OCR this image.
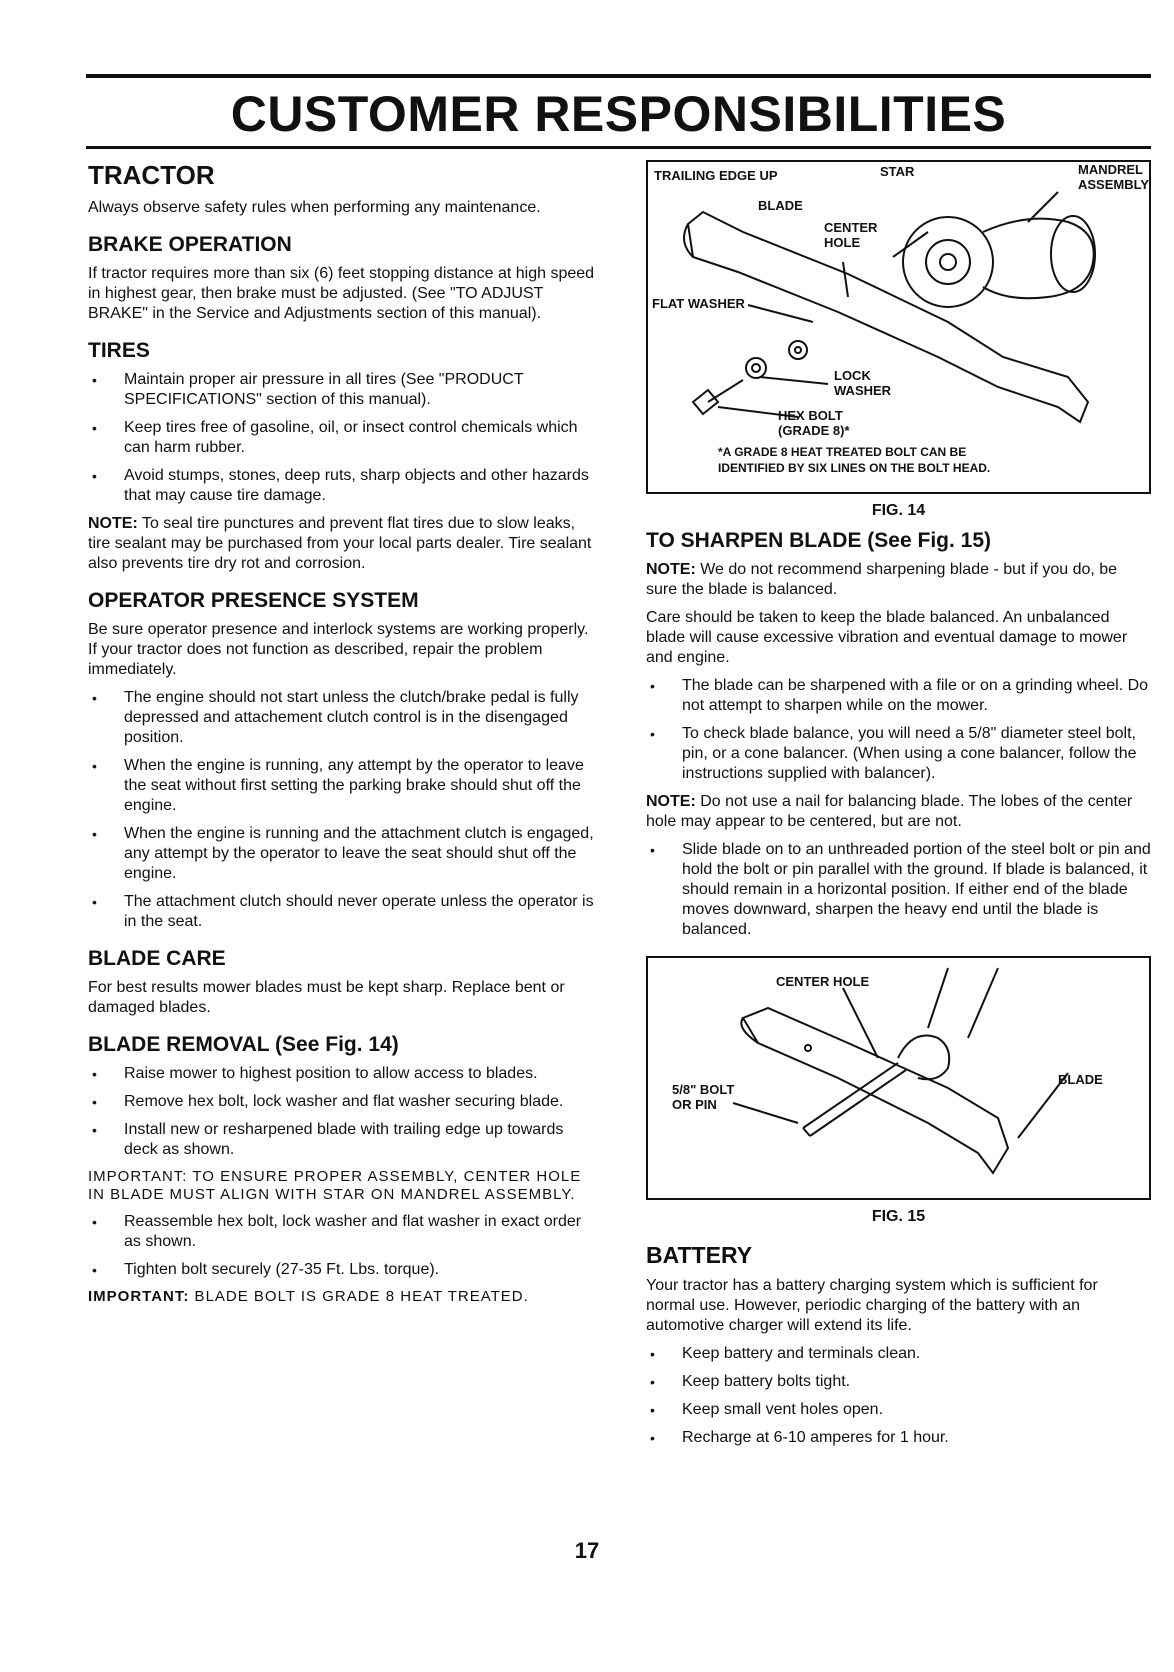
CUSTOMER RESPONSIBILITIES
TRACTOR

Always observe safety rules when performing any maintenance.

BRAKE OPERATION

If tractor requires more than six (6) feet stopping distance at high speed in highest gear, then brake must be adjusted. (See "TO ADJUST BRAKE" in the Service and Adjustments section of this manual).

TIRES
• Maintain proper air pressure in all tires (See "PRODUCT SPECIFICATIONS" section of this manual).
• Keep tires free of gasoline, oil, or insect control chemicals which can harm rubber.
• Avoid stumps, stones, deep ruts, sharp objects and other hazards that may cause tire damage.

NOTE: To seal tire punctures and prevent flat tires due to slow leaks, tire sealant may be purchased from your local parts dealer. Tire sealant also prevents tire dry rot and corrosion.

OPERATOR PRESENCE SYSTEM

Be sure operator presence and interlock systems are working properly. If your tractor does not function as described, repair the problem immediately.

• The engine should not start unless the clutch/brake pedal is fully depressed and attachement clutch control is in the disengaged position.
• When the engine is running, any attempt by the operator to leave the seat without first setting the parking brake should shut off the engine.
• When the engine is running and the attachment clutch is engaged, any attempt by the operator to leave the seat should shut off the engine.
• The attachment clutch should never operate unless the operator is in the seat.
BLADE CARE

For best results mower blades must be kept sharp. Replace bent or damaged blades.

BLADE REMOVAL (See Fig. 14)
• Raise mower to highest position to allow access to blades.
• Remove hex bolt, lock washer and flat washer securing blade.
• Install new or resharpened blade with trailing edge up towards deck as shown.

IMPORTANT: TO ENSURE PROPER ASSEMBLY, CENTER HOLE IN BLADE MUST ALIGN WITH STAR ON MANDREL ASSEMBLY.

• Reassemble hex bolt, lock washer and flat washer in exact order as shown.
• Tighten bolt securely (27-35 Ft. Lbs. torque).

IMPORTANT: BLADE BOLT IS GRADE 8 HEAT TREATED.

TRAILING EDGE UP	STAR	MANDREL ASSEMBLY
BLADE
CENTER HOLE
FLAT WASHER
LOCK WASHER
HEX BOLT (GRADE 8)*
*A GRADE 8 HEAT TREATED BOLT CAN BE
IDENTIFIED BY SIX LINES ON THE BOLT HEAD.
FIG. 14
TO SHARPEN BLADE (See Fig. 15)

NOTE: We do not recommend sharpening blade - but if you do, be sure the blade is balanced.

Care should be taken to keep the blade balanced. An unbalanced blade will cause excessive vibration and eventual damage to mower and engine.

• The blade can be sharpened with a file or on a grinding wheel. Do not attempt to sharpen while on the mower.
• To check blade balance, you will need a 5/8" diameter steel bolt, pin, or a cone balancer. (When using a cone balancer, follow the instructions supplied with balancer).

NOTE: Do not use a nail for balancing blade. The lobes of the center hole may appear to be centered, but are not.

• Slide blade on to an unthreaded portion of the steel bolt or pin and hold the bolt or pin parallel with the ground. If blade is balanced, it should remain in a horizontal position. If either end of the blade moves downward, sharpen the heavy end until the blade is balanced.
CENTER HOLE
BLADE
5/8" BOLT
OR PIN
FIG. 15
BATTERY

Your tractor has a battery charging system which is sufficient for normal use. However, periodic charging of the battery with an automotive charger will extend its life.

• Keep battery and terminals clean.
• Keep battery bolts tight.
• Keep small vent holes open.
• Recharge at 6-10 amperes for 1 hour.
17
